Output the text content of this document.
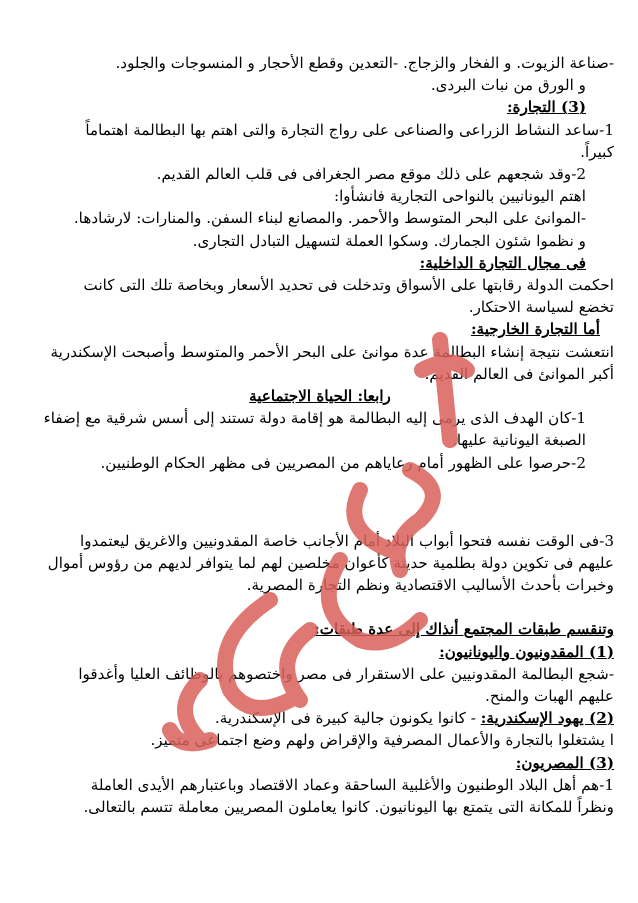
-صناعة الزيوت. و الفخار والزجاج. -التعدين وقطع الأحجار و المنسوجات والجلود.

و الورق من نبات البردى.

(3) التجارة:

1-ساعد النشاط الزراعى والصناعى على رواج التجارة والتى اهتم بها البطالمة اهتماماً

كبيراً.

2-وقد شجعهم على ذلك موقع مصر الجغرافى فى قلب العالم القديم.

اهتم اليونانيين بالنواحى التجارية فانشأوا:

-الموانئ على البحر المتوسط والأحمر. والمصانع لبناء السفن. والمنارات: لارشادها.

و نظموا شئون الجمارك. وسكوا العملة لتسهيل التبادل التجارى.

فى مجال التجارة الداخلية:

احكمت الدولة رقابتها على الأسواق وتدخلت فى تحديد الأسعار وبخاصة تلك التى كانت

تخضع لسياسة الاحتكار.

أما التجارة الخارجية:

انتعشت نتيجة إنشاء البطالمة عدة موانئ على البحر الأحمر والمتوسط وأصبحت الإسكندرية

أكبر الموانئ فى العالم القديم.

رابعا: الحياة الاجتماعية

1-كان الهدف الذى يرمى إليه البطالمة هو إقامة دولة تستند إلى أسس شرقية مع إضفاء

الصبغة اليونانية عليها.

2-حرصوا على الظهور أمام رعاياهم من المصريين فى مظهر الحكام الوطنيين.

3-فى الوقت نفسه فتحوا أبواب البلاد أمام الأجانب خاصة المقدونيين والاغريق ليعتمدوا

عليهم فى تكوين دولة بطلمية حديثة كأعوان مخلصين لهم لما يتوافر لديهم من رؤوس أموال

وخبرات بأحدث الأساليب الاقتصادية ونظم التجارة المصرية.

وتنقسم طبقات المجتمع أنذاك إلى عدة طبقات:

(1) المقدونيون واليونانيون:

-شجع البطالمة المقدونيين على الاستقرار فى مصر واختصوهم بالوظائف العليا وأغدقوا

عليهم الهبات والمنح.

(2) يهود الإسكندرية: - كانوا يكونون جالية كبيرة فى الإسكندرية.

ا يشتغلوا بالتجارة والأعمال المصرفية والإقراض ولهم وضع اجتماعى متميز.

(3) المصريون:

1-هم أهل البلاد الوطنيون والأغلبية الساحقة وعماد الاقتصاد وباعتبارهم الأيدى العاملة

ونظراً للمكانة التى يتمتع بها اليونانيون. كانوا يعاملون المصريين معاملة تتسم بالتعالى.
